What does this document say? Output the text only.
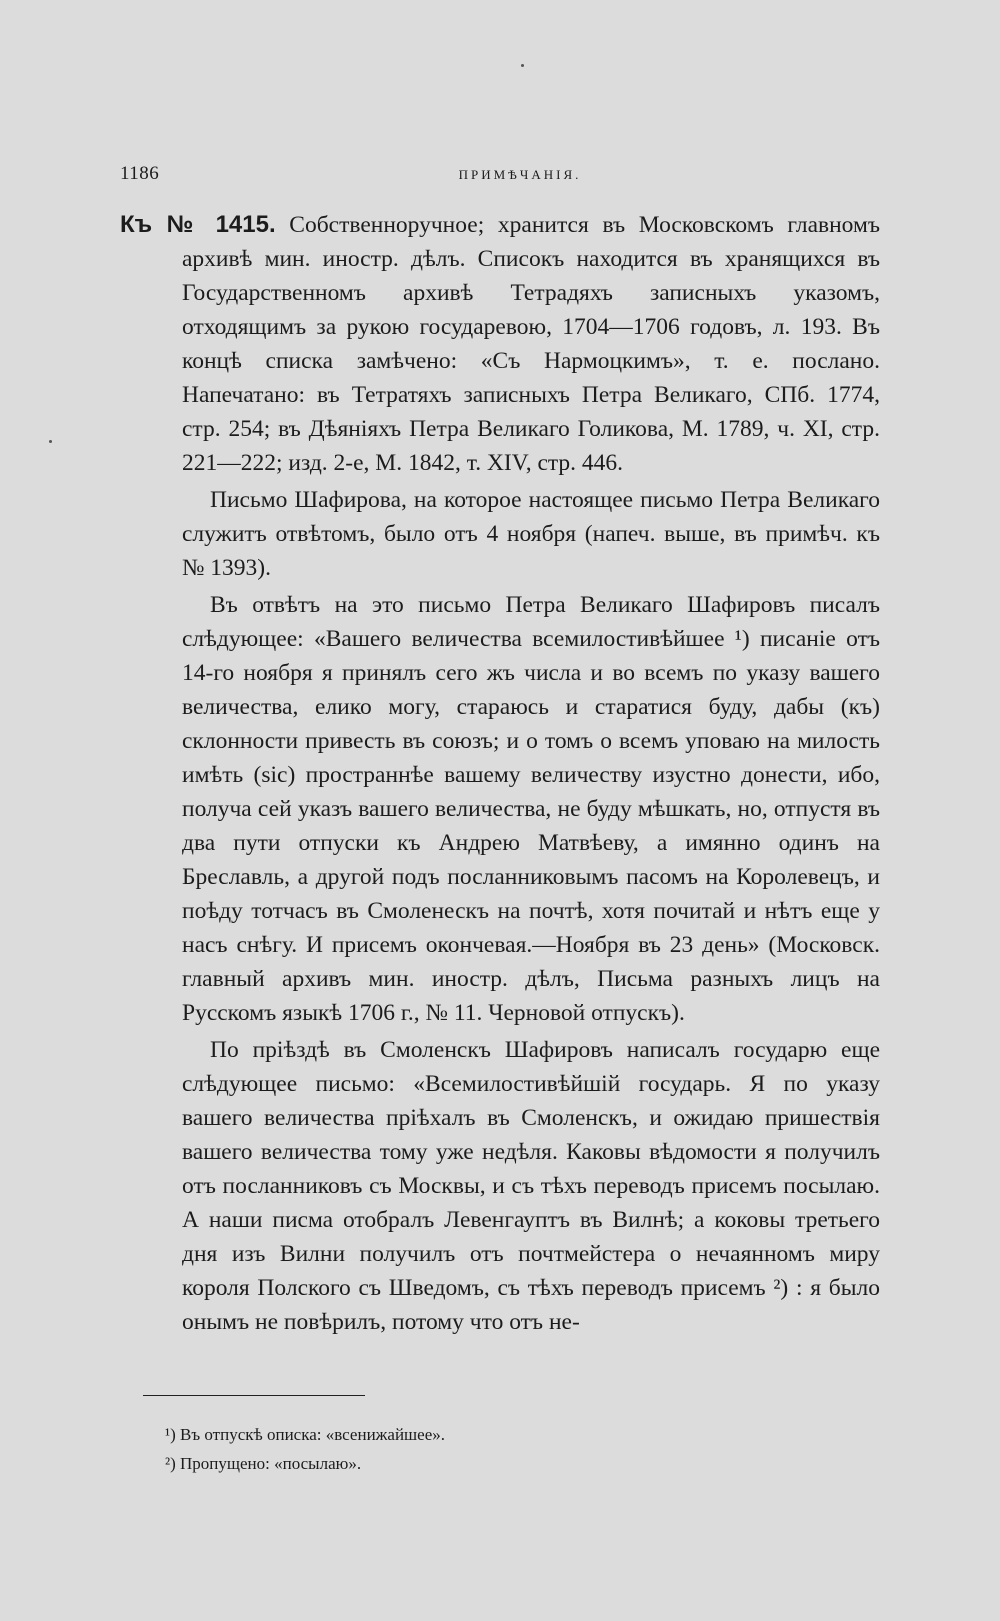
1186	ПРИМѢЧАНІЯ.

Къ № 1415. Собственноручное; хранится въ Московскомъ главномъ архивѣ мин. иностр. дѣлъ. Списокъ находится въ хранящихся въ Государственномъ архивѣ Тетрадяхъ записныхъ указомъ, отходящимъ за рукою государевою, 1704—1706 годовъ, л. 193. Въ концѣ списка замѣчено: «Съ Нармоцкимъ», т. е. послано. Напечатано: въ Тетратяхъ записныхъ Петра Великаго, СПб. 1774, стр. 254; въ Дѣяніяхъ Петра Великаго Голикова, М. 1789, ч. XI, стр. 221—222; изд. 2-е, М. 1842, т. XIV, стр. 446.

Письмо Шафирова, на которое настоящее письмо Петра Великаго служитъ отвѣтомъ, было отъ 4 ноября (напеч. выше, въ примѣч. къ № 1393).

Въ отвѣтъ на это письмо Петра Великаго Шафировъ писалъ слѣдующее: «Вашего величества всемилостивѣйшее ¹) писаніе отъ 14-го ноября я принялъ сего жъ числа и во всемъ по указу вашего величества, елико могу, стараюсь и старатися буду, дабы (къ) склонности привесть въ союзъ; и о томъ о всемъ уповаю на милость имѣть (sic) пространнѣе вашему величеству изустно донести, ибо, получа сей указъ вашего величества, не буду мѣшкать, но, отпустя въ два пути отпуски къ Андрею Матвѣеву, а имянно одинъ на Бреславль, а другой подъ посланниковымъ пасомъ на Королевецъ, и поѣду тотчасъ въ Смоленескъ на почтѣ, хотя почитай и нѣтъ еще у насъ снѣгу. И присемъ окончевая.—Ноября въ 23 день» (Московск. главный архивъ мин. иностр. дѣлъ, Письма разныхъ лицъ на Русскомъ языкѣ 1706 г., № 11. Черновой отпускъ).

По пріѣздѣ въ Смоленскъ Шафировъ написалъ государю еще слѣдующее письмо: «Всемилостивѣйшій государь. Я по указу вашего величества пріѣхалъ въ Смоленскъ, и ожидаю пришествія вашего величества тому уже недѣля. Каковы вѣдомости я получилъ отъ посланниковъ съ Москвы, и съ тѣхъ переводъ присемъ посылаю. А наши писма отобралъ Левенгауптъ въ Вилнѣ; а коковы третьего дня изъ Вилни получилъ отъ почтмейстера о нечаянномъ миру короля Полского съ Шведомъ, съ тѣхъ переводъ присемъ ²) : я было онымъ не повѣрилъ, потому что отъ не-

¹) Въ отпускѣ описка: «всенижайшее».

²) Пропущено: «посылаю».
